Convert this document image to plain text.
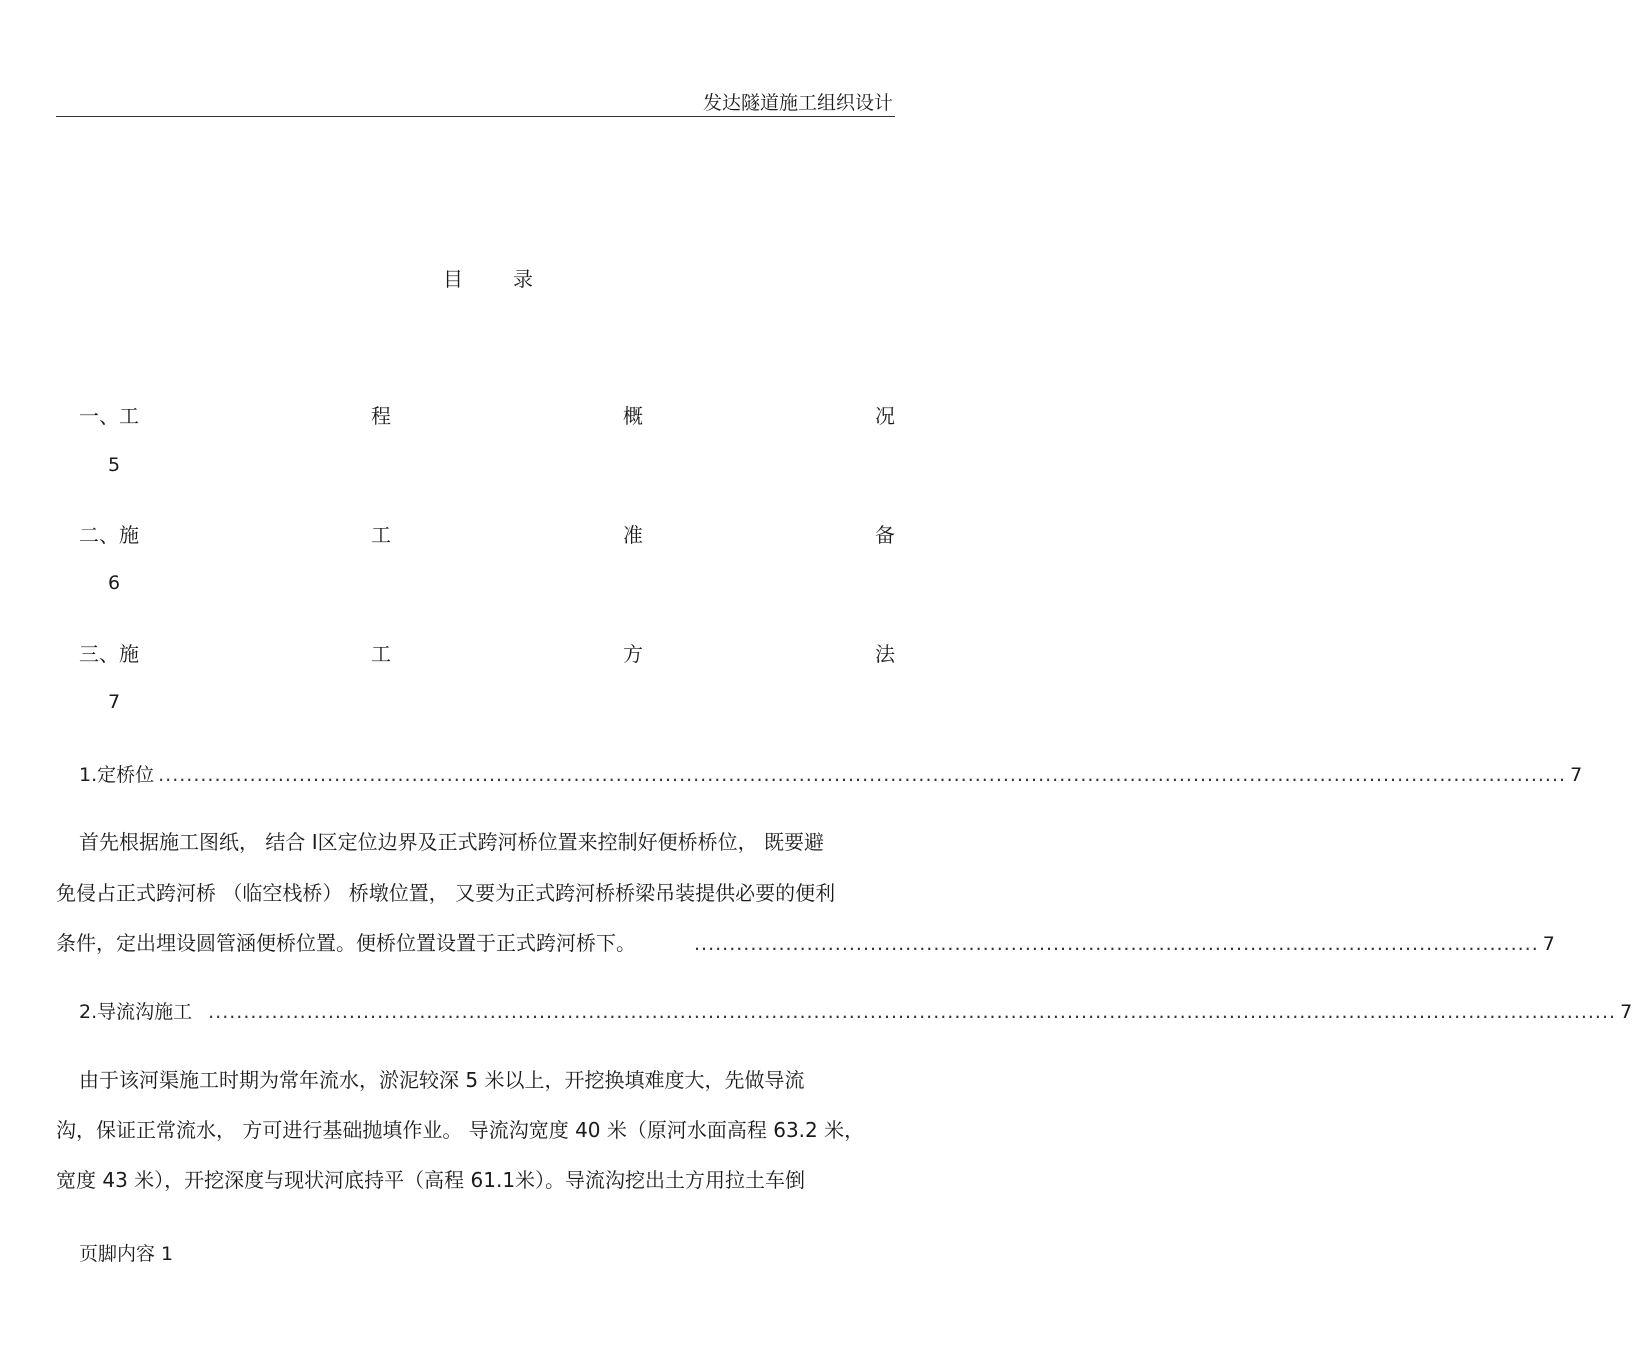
发达隧道施工组织设计
目录
一、工	程	概	况
5
二、施	工	准	备
6
三、施	工	方	法
7
1.定桥位 ........................................................................................................................................................................................................ 7
首先根据施工图纸， 结合 Ⅰ区定位边界及正式跨河桥位置来控制好便桥桥位， 既要避
免侵占正式跨河桥 （临空栈桥） 桥墩位置， 又要为正式跨河桥桥梁吊装提供必要的便利
条件，定出埋设圆管涵便桥位置。便桥位置设置于正式跨河桥下。	........................................................................................................................ 7
2.导流沟施工 ........................................................................................................................................................................................................ 7
由于该河渠施工时期为常年流水，淤泥较深 5 米以上，开挖换填难度大，先做导流
沟，保证正常流水， 方可进行基础抛填作业。 导流沟宽度 40 米（原河水面高程 63.2 米，
宽度 43 米），开挖深度与现状河底持平（高程 61.1米）。导流沟挖出土方用拉土车倒
页脚内容 1
